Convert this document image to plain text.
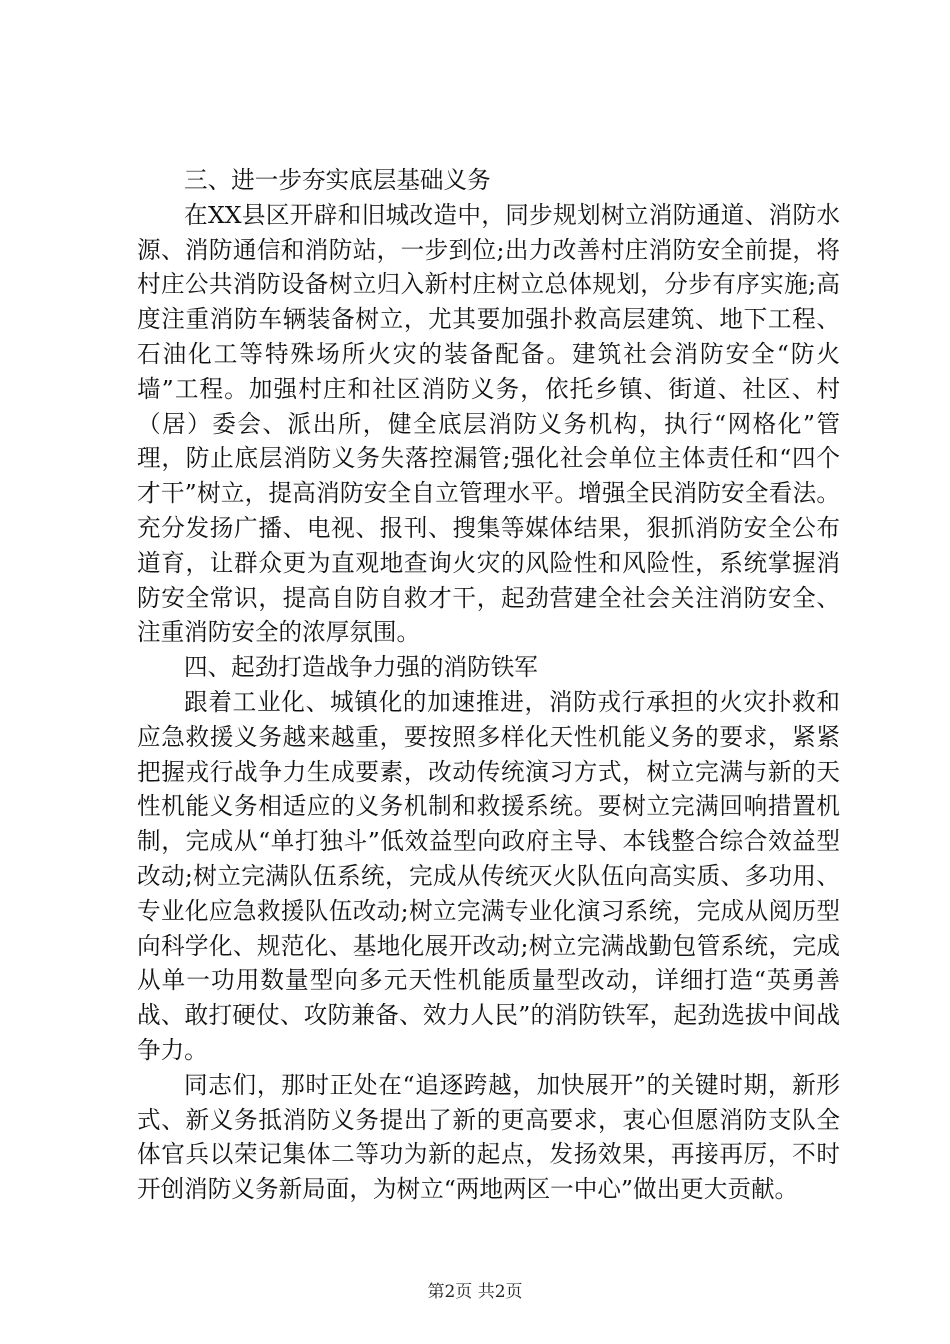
三、进一步夯实底层基础义务

在XX县区开辟和旧城改造中，同步规划树立消防通道、消防水源、消防通信和消防站，一步到位;出力改善村庄消防安全前提，将村庄公共消防设备树立归入新村庄树立总体规划，分步有序实施;高度注重消防车辆装备树立，尤其要加强扑救高层建筑、地下工程、石油化工等特殊场所火灾的装备配备。建筑社会消防安全“防火墙”工程。加强村庄和社区消防义务，依托乡镇、街道、社区、村（居）委会、派出所，健全底层消防义务机构，执行“网格化”管理，防止底层消防义务失落控漏管;强化社会单位主体责任和“四个才干”树立，提高消防安全自立管理水平。增强全民消防安全看法。充分发扬广播、电视、报刊、搜集等媒体结果，狠抓消防安全公布道育，让群众更为直观地查询火灾的风险性和风险性，系统掌握消防安全常识，提高自防自救才干，起劲营建全社会关注消防安全、注重消防安全的浓厚氛围。

四、起劲打造战争力强的消防铁军

跟着工业化、城镇化的加速推进，消防戎行承担的火灾扑救和应急救援义务越来越重，要按照多样化天性机能义务的要求，紧紧把握戎行战争力生成要素，改动传统演习方式，树立完满与新的天性机能义务相适应的义务机制和救援系统。要树立完满回响措置机制，完成从“单打独斗”低效益型向政府主导、本钱整合综合效益型改动;树立完满队伍系统，完成从传统灭火队伍向高实质、多功用、专业化应急救援队伍改动;树立完满专业化演习系统，完成从阅历型向科学化、规范化、基地化展开改动;树立完满战勤包管系统，完成从单一功用数量型向多元天性机能质量型改动，详细打造“英勇善战、敢打硬仗、攻防兼备、效力人民”的消防铁军，起劲选拔中间战争力。

同志们，那时正处在“追逐跨越，加快展开”的关键时期，新形式、新义务抵消防义务提出了新的更高要求，衷心但愿消防支队全体官兵以荣记集体二等功为新的起点，发扬效果，再接再厉，不时开创消防义务新局面，为树立“两地两区一中心”做出更大贡献。

第2页 共2页
